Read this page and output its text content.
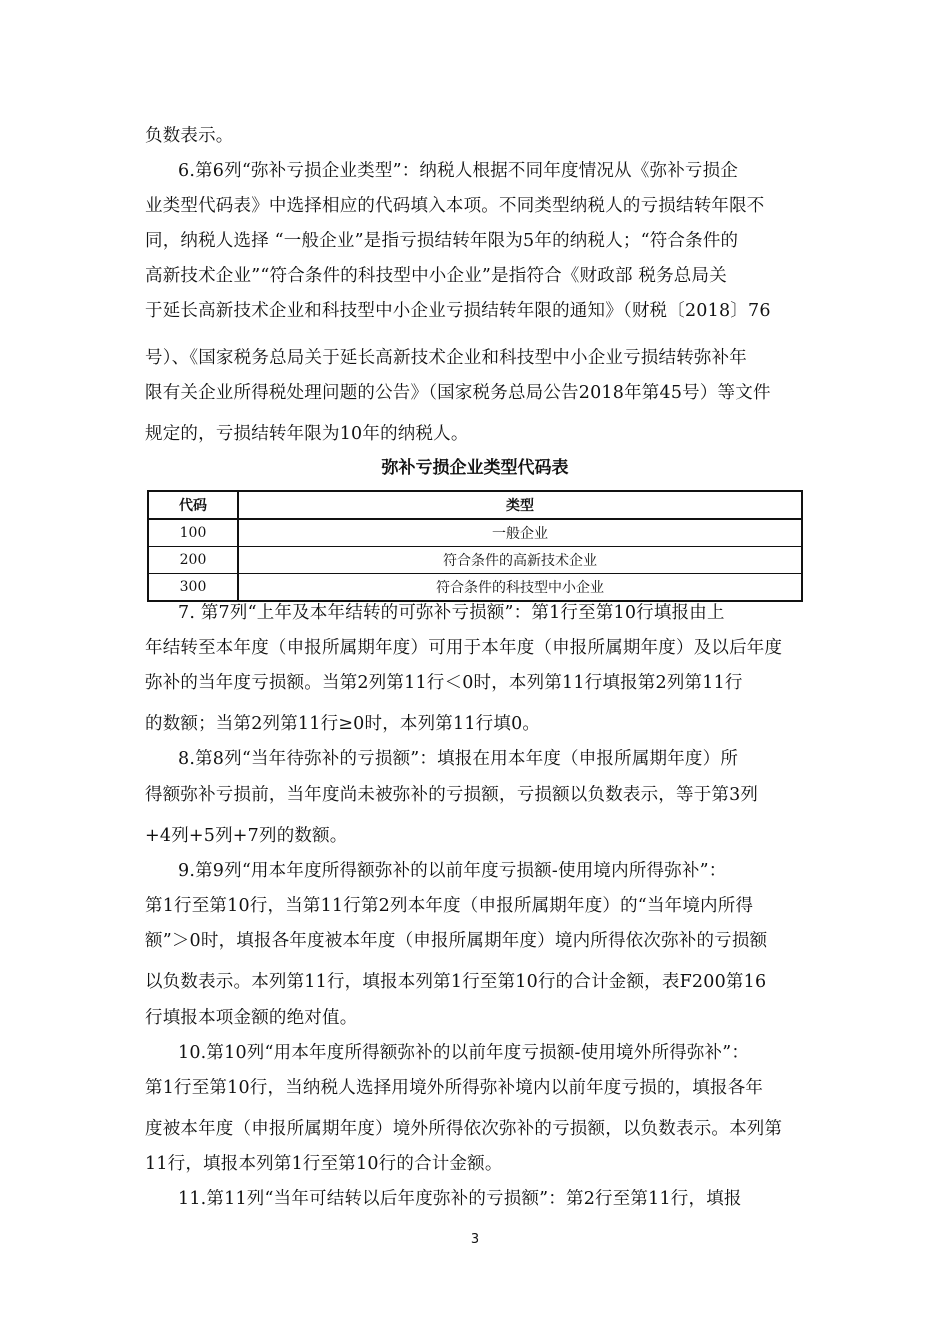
负数表示。
6.第6列“弥补亏损企业类型”：纳税人根据不同年度情况从《弥补亏损企
业类型代码表》中选择相应的代码填入本项。不同类型纳税人的亏损结转年限不
同，纳税人选择 “一般企业”是指亏损结转年限为5年的纳税人；“符合条件的
高新技术企业”“符合条件的科技型中小企业”是指符合《财政部 税务总局关
于延长高新技术企业和科技型中小企业亏损结转年限的通知》（财税〔2018〕76
号）、《国家税务总局关于延长高新技术企业和科技型中小企业亏损结转弥补年
限有关企业所得税处理问题的公告》（国家税务总局公告2018年第45号）等文件
规定的，亏损结转年限为10年的纳税人。
弥补亏损企业类型代码表
代码	类型
100	一般企业
200	符合条件的高新技术企业
300	符合条件的科技型中小企业
7. 第7列“上年及本年结转的可弥补亏损额”：第1行至第10行填报由上
年结转至本年度（申报所属期年度）可用于本年度（申报所属期年度）及以后年度
弥补的当年度亏损额。当第2列第11行＜0时，本列第11行填报第2列第11行
的数额；当第2列第11行≥0时，本列第11行填0。
8.第8列“当年待弥补的亏损额”：填报在用本年度（申报所属期年度）所
得额弥补亏损前，当年度尚未被弥补的亏损额，亏损额以负数表示，等于第3列
+4列+5列+7列的数额。
9.第9列“用本年度所得额弥补的以前年度亏损额-使用境内所得弥补”：
第1行至第10行，当第11行第2列本年度（申报所属期年度）的“当年境内所得
额”＞0时，填报各年度被本年度（申报所属期年度）境内所得依次弥补的亏损额
以负数表示。本列第11行，填报本列第1行至第10行的合计金额，表F200第16
行填报本项金额的绝对值。
10.第10列“用本年度所得额弥补的以前年度亏损额-使用境外所得弥补”：
第1行至第10行，当纳税人选择用境外所得弥补境内以前年度亏损的，填报各年
度被本年度（申报所属期年度）境外所得依次弥补的亏损额，以负数表示。本列第
11行，填报本列第1行至第10行的合计金额。
11.第11列“当年可结转以后年度弥补的亏损额”：第2行至第11行，填报
3
